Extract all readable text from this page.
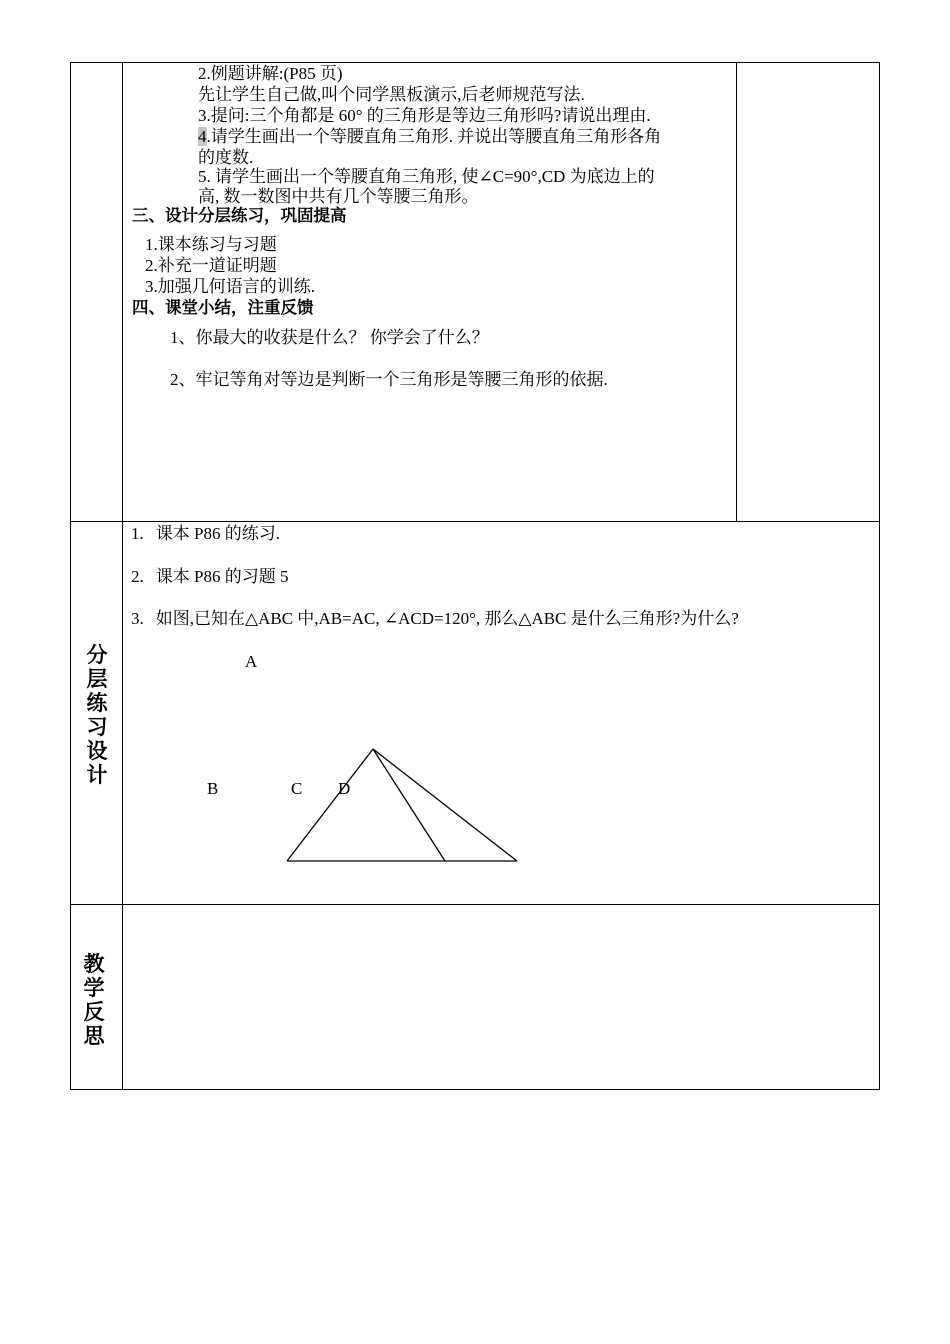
2.例题讲解:(P85 页)
先让学生自己做,叫个同学黑板演示,后老师规范写法.
3.提问:三个角都是 60° 的三角形是等边三角形吗?请说出理由.
4.请学生画出一个等腰直角三角形. 并说出等腰直角三角形各角
的度数.
5. 请学生画出一个等腰直角三角形, 使∠C=90°,CD 为底边上的
高, 数一数图中共有几个等腰三角形。
三、设计分层练习，巩固提高
1.课本练习与习题
2.补充一道证明题
3.加强几何语言的训练.
四、课堂小结，注重反馈
1、你最大的收获是什么？ 你学会了什么？
2、牢记等角对等边是判断一个三角形是等腰三角形的依据.
分层练习设计
1. 课本 P86 的练习.
2. 课本 P86 的习题 5
3. 如图,已知在△ABC 中,AB=AC, ∠ACD=120°, 那么△ABC 是什么三角形?为什么?
A
B	C D
教学反思
